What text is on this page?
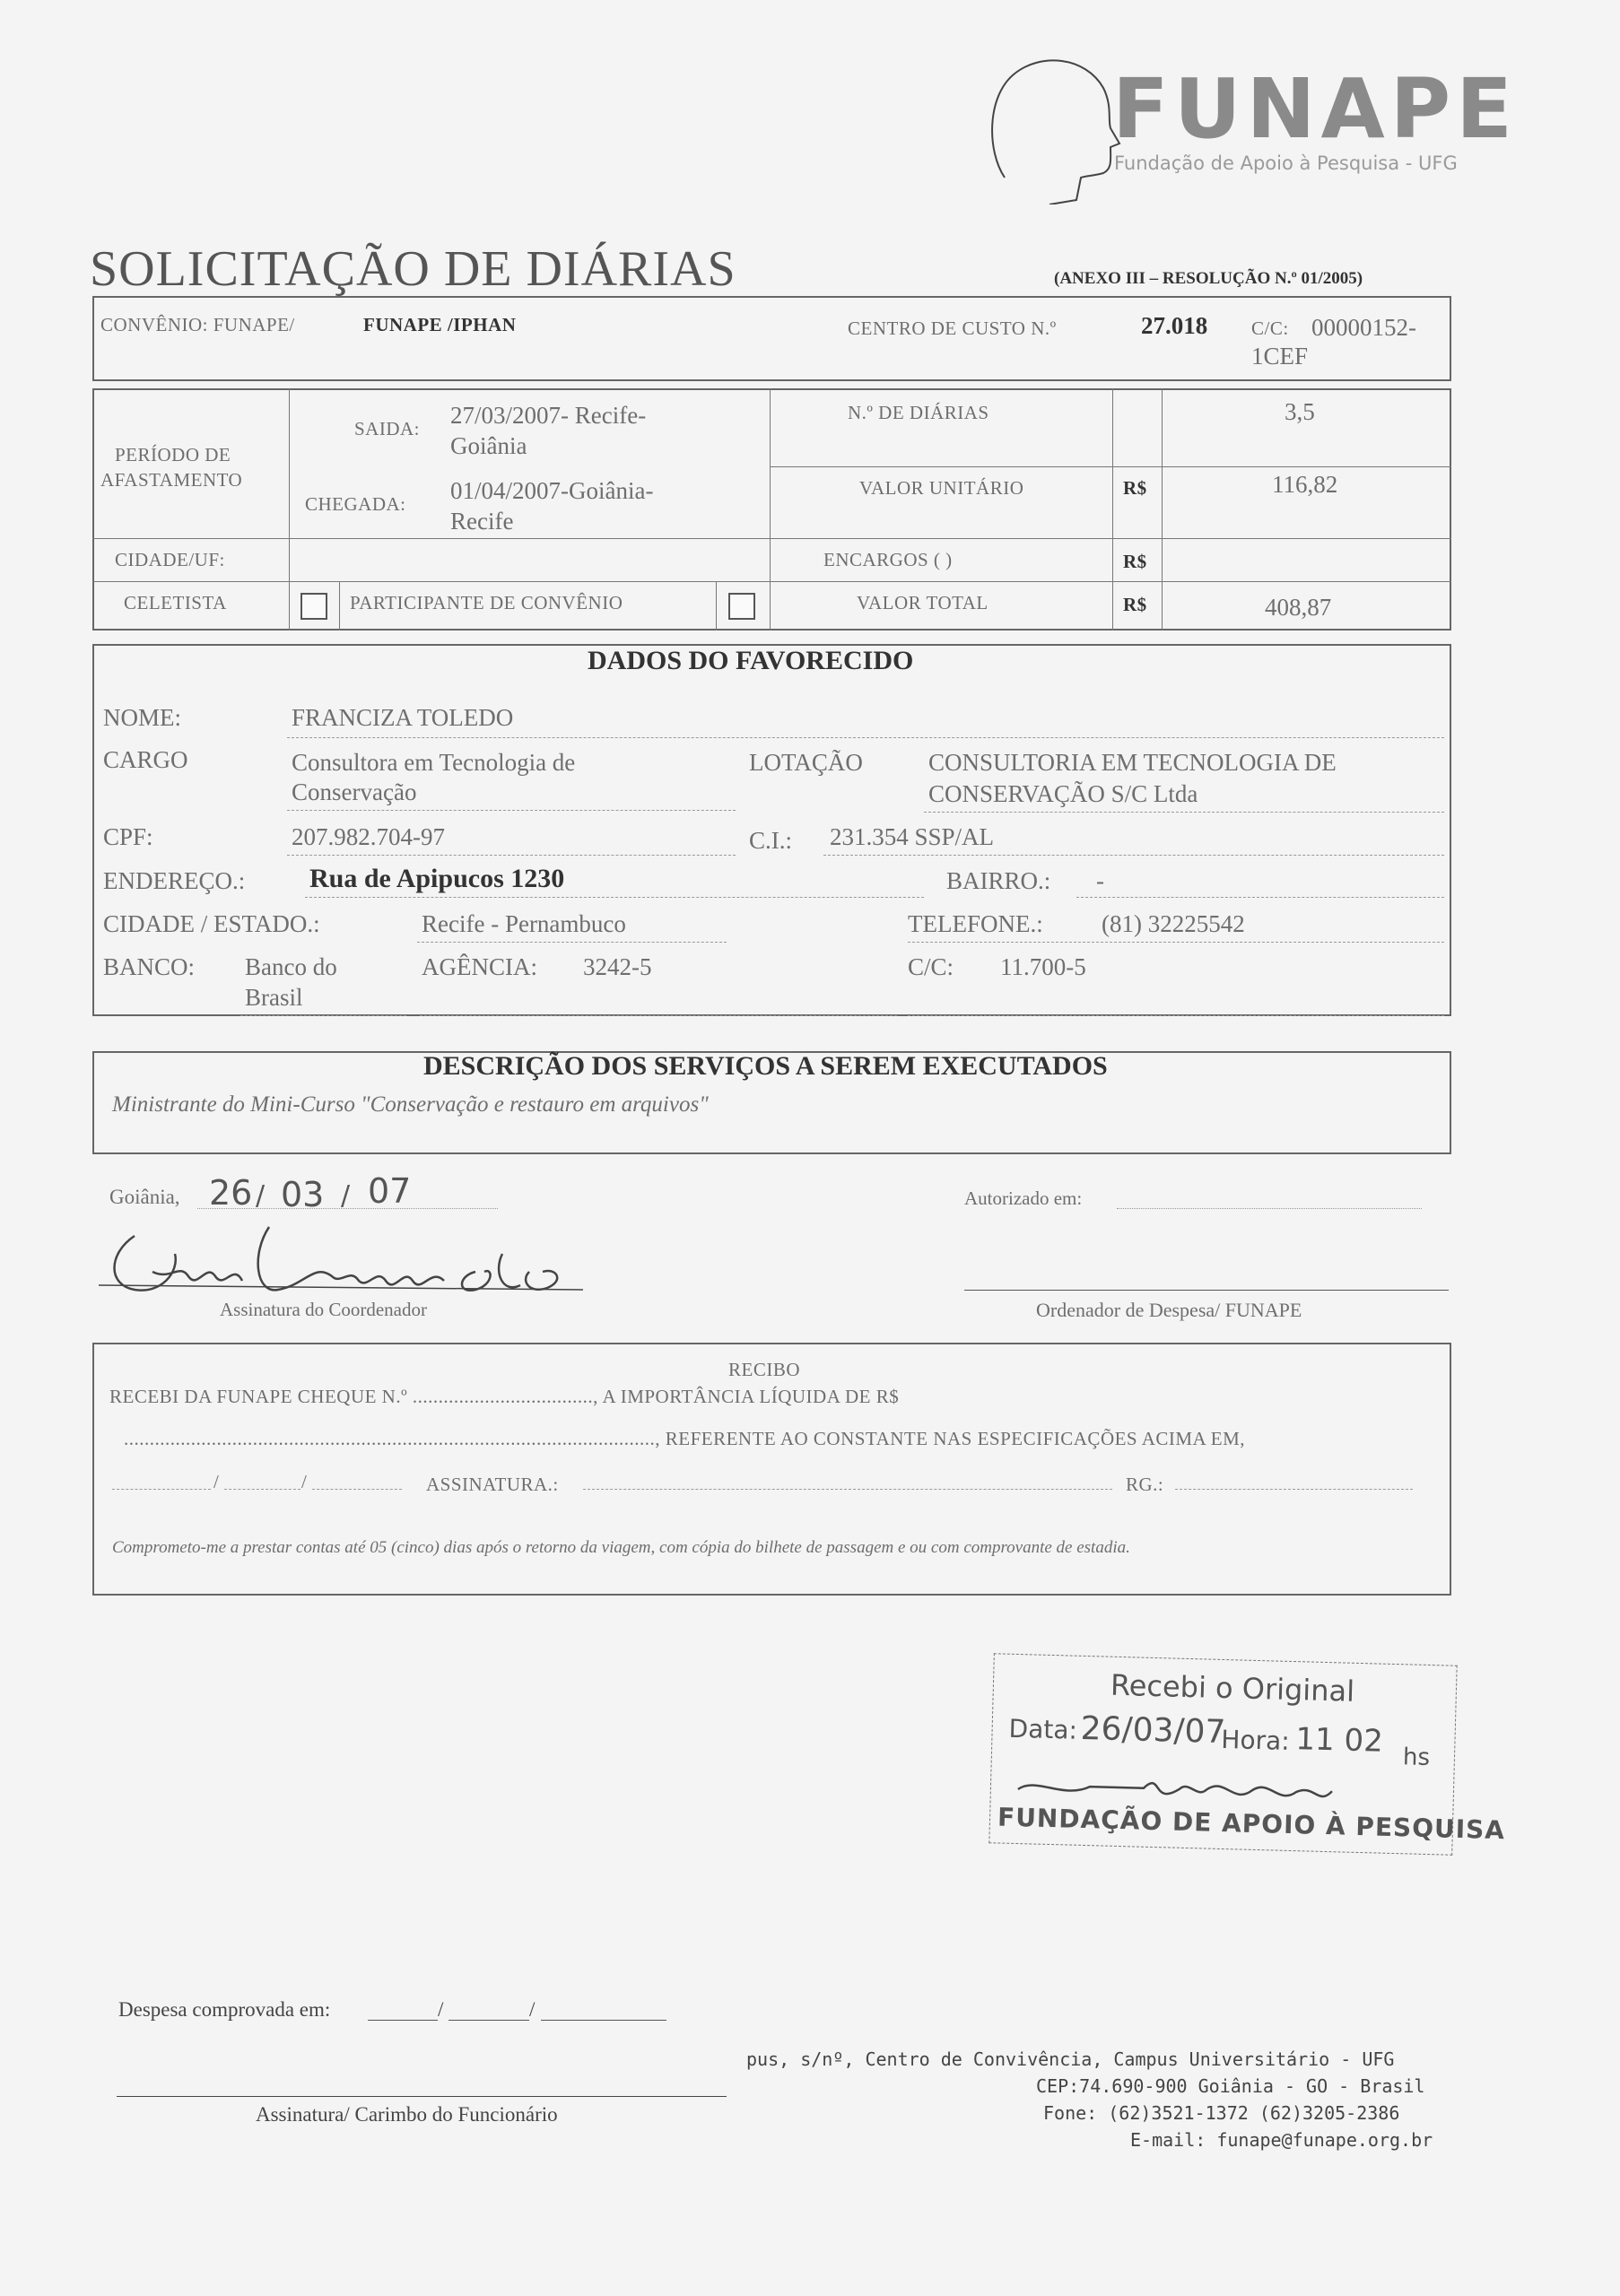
FUNAPE
Fundação de Apoio à Pesquisa - UFG
SOLICITAÇÃO DE DIÁRIAS	(ANEXO III – RESOLUÇÃO N.º 01/2005)
CONVÊNIO: FUNAPE/	FUNAPE /IPHAN	CENTRO DE CUSTO N.º	27.018 C/C: 00000152-
1CEF
PERÍODO DE
AFASTAMENTO
SAIDA: 27/03/2007- Recife-
Goiânia
CHEGADA: 01/04/2007-Goiânia-
Recife
N.º DE DIÁRIAS	3,5
VALOR UNITÁRIO	R$	116,82
CIDADE/UF:	ENCARGOS ( )	R$
CELETISTA	PARTICIPANTE DE CONVÊNIO	VALOR TOTAL	R$	408,87
DADOS DO FAVORECIDO
NOME:	FRANCIZA TOLEDO
CARGO	Consultora em Tecnologia de
Conservação
LOTAÇÃO	CONSULTORIA EM TECNOLOGIA DE
CONSERVAÇÃO S/C Ltda
CPF:	207.982.704-97	C.I.: 231.354 SSP/AL
ENDEREÇO.: Rua de Apipucos 1230	BAIRRO.: -
CIDADE / ESTADO.:	Recife - Pernambuco	TELEFONE.: (81) 32225542
BANCO: Banco do
Brasil
AGÊNCIA: 3242-5	C/C: 11.700-5
DESCRIÇÃO DOS SERVIÇOS A SEREM EXECUTADOS
Ministrante do Mini-Curso "Conservação e restauro em arquivos"
Goiânia, 26 / 03 / 07	Autorizado em:
Assinatura do Coordenador	Ordenador de Despesa/ FUNAPE
RECIBO
RECEBI DA FUNAPE CHEQUE N.º ..................................., A IMPORTÂNCIA LÍQUIDA DE R$
......................................................................................................., REFERENTE AO CONSTANTE NAS ESPECIFICAÇÕES ACIMA EM,
/	/	ASSINATURA.:	RG.:
Comprometo-me a prestar contas até 05 (cinco) dias após o retorno da viagem, com cópia do bilhete de passagem e ou com comprovante de estadia.
Recebi o Original
Data: 26/03/07
Hora: 11 02 hs
FUNDAÇÃO DE APOIO À PESQUISA
Despesa comprovada em:	/	/
Assinatura/ Carimbo do Funcionário
pus, s/nº, Centro de Convivência, Campus Universitário - UFG
CEP:74.690-900 Goiânia - GO - Brasil
Fone: (62)3521-1372 (62)3205-2386
E-mail: funape@funape.org.br
